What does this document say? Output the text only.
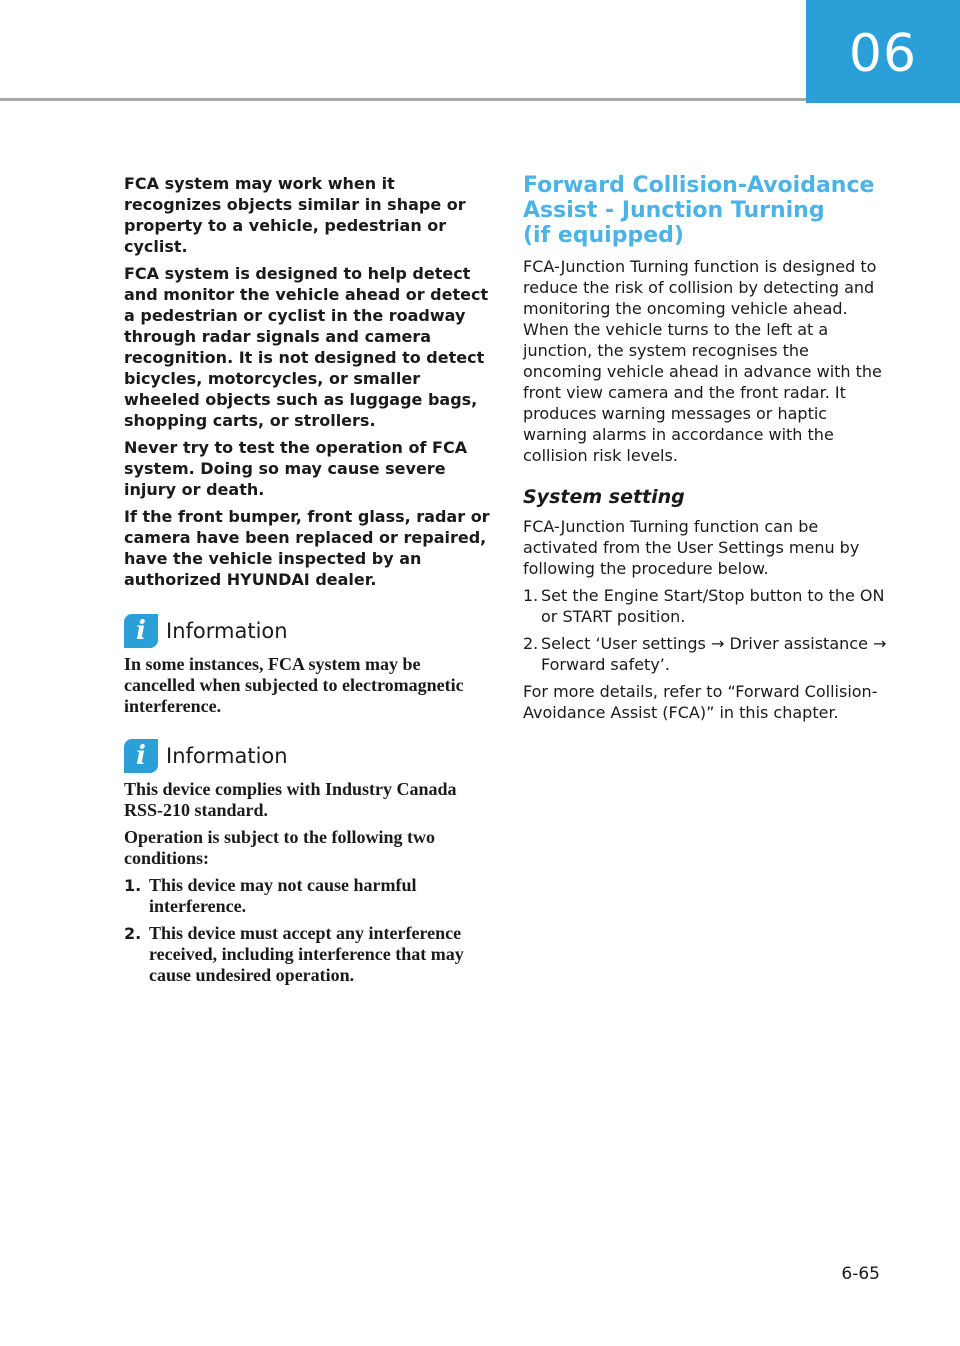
06

FCA system may work when it recognizes objects similar in shape or property to a vehicle, pedestrian or cyclist.

FCA system is designed to help detect and monitor the vehicle ahead or detect a pedestrian or cyclist in the roadway through radar signals and camera recognition. It is not designed to detect bicycles, motorcycles, or smaller wheeled objects such as luggage bags, shopping carts, or strollers.

Never try to test the operation of FCA system. Doing so may cause severe injury or death.

If the front bumper, front glass, radar or camera have been replaced or repaired, have the vehicle inspected by an authorized HYUNDAI dealer.

i Information

In some instances, FCA system may be cancelled when subjected to electromagnetic interference.

i Information

This device complies with Industry Canada RSS-210 standard.

Operation is subject to the following two conditions:

1. This device may not cause harmful interference.
2. This device must accept any interference received, including interference that may cause undesired operation.
Forward Collision-Avoidance
Assist - Junction Turning
(if equipped)

FCA-Junction Turning function is designed to reduce the risk of collision by detecting and monitoring the oncoming vehicle ahead. When the vehicle turns to the left at a junction, the system recognises the oncoming vehicle ahead in advance with the front view camera and the front radar. It produces warning messages or haptic warning alarms in accordance with the collision risk levels.

System setting

FCA-Junction Turning function can be activated from the User Settings menu by following the procedure below.

1. Set the Engine Start/Stop button to the ON or START position.
2. Select ‘User settings → Driver assistance → Forward safety’.

For more details, refer to “Forward Collision-Avoidance Assist (FCA)” in this chapter.

6-65
